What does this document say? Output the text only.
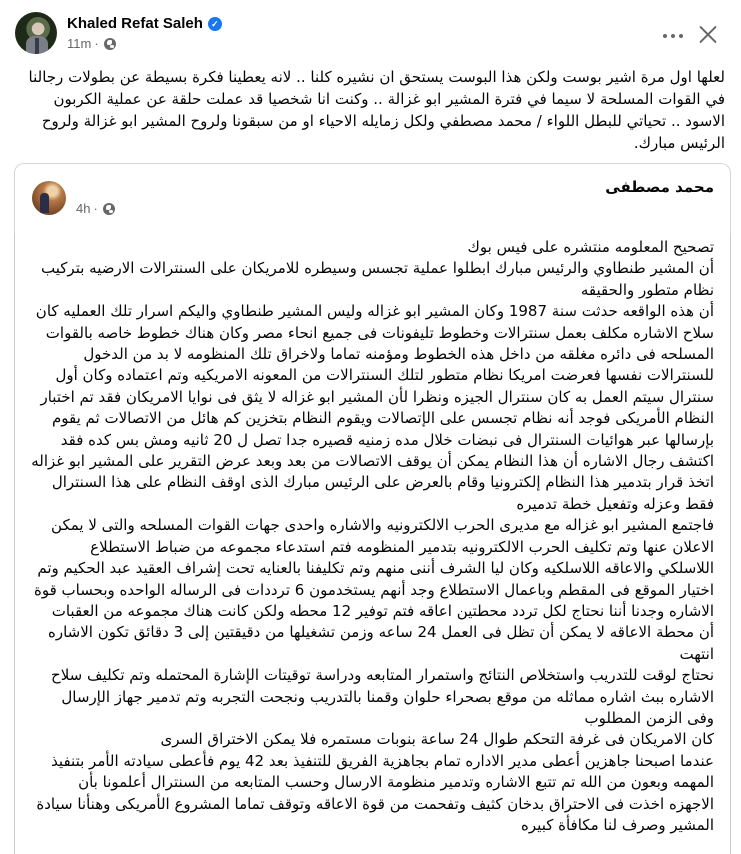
Khaled Refat Saleh ✓
11m ·
لعلها اول مرة اشير بوست ولكن هذا البوست يستحق ان نشيره كلنا .. لانه يعطينا فكرة بسيطة عن بطولات رجالنا في القوات المسلحة لا سيما في فترة المشير ابو غزالة .. وكنت انا شخصيا قد عملت حلقة عن عملية الكربون الاسود .. تحياتي للبطل اللواء / محمد مصطفي ولكل زمايله الاحياء او من سبقونا ولروح المشير ابو غزالة ولروح الرئيس مبارك.
محمد مصطفى
4h ·

تصحيح المعلومه منتشره على فيس بوك

أن المشير طنطاوي والرئيس مبارك ابطلوا عملية تجسس وسيطره للامريكان على السنترالات الارضيه بتركيب نظام متطور والحقيقه

أن هذه الواقعه حدثت سنة 1987 وكان المشير ابو غزاله وليس المشير طنطاوي واليكم اسرار تلك العمليه كان سلاح الاشاره مكلف بعمل سنترالات وخطوط تليفونات فى جميع انحاء مصر وكان هناك خطوط خاصه بالقوات المسلحه فى دائره مغلقه من داخل هذه الخطوط ومؤمنه تماما ولاخراق تلك المنظومه لا بد من الدخول للسنترالات نفسها فعرضت امريكا نظام متطور لتلك السنترالات من المعونه الامريكيه وتم اعتماده وكان أول سنترال سيتم العمل به كان سنترال الجيزه ونظرا لأن المشير ابو غزاله لا يثق فى نوايا الامريكان فقد تم اختبار النظام الأمريكى فوجد أنه نظام تجسس على الإتصالات ويقوم النظام بتخزين كم هائل من الاتصالات ثم يقوم بإرسالها عبر هوائيات السنترال فى نبضات خلال مده زمنيه قصيره جدا تصل ل 20 ثانيه ومش بس كده فقد اكتشف رجال الاشاره أن هذا النظام يمكن أن يوقف الاتصالات من بعد وبعد عرض التقرير على المشير ابو غزاله اتخذ قرار بتدمير هذا النظام إلكترونيا وقام بالعرض على الرئيس مبارك الذى اوقف النظام على هذا السنترال فقط وعزله وتفعيل خطة تدميره

فاجتمع المشير ابو غزاله مع مديرى الحرب الالكترونيه والاشاره واحدى جهات القوات المسلحه والتى لا يمكن الاعلان عنها وتم تكليف الحرب الالكترونيه بتدمير المنظومه فتم استدعاء مجموعه من ضباط الاستطلاع اللاسلكي والاعاقه اللاسلكيه وكان ليا الشرف أننى منهم وتم تكليفنا بالعنايه تحت إشراف العقيد عبد الحكيم وتم اختيار الموقع فى المقطم وباعمال الاستطلاع وجد أنهم يستخدمون 6 ترددات فى الرساله الواحده وبحساب قوة الاشاره وجدنا أننا نحتاج لكل تردد محطتين اعاقه فتم توفير 12 محطه ولكن كانت هناك مجموعه من العقبات

أن محطة الاعاقه لا يمكن أن تظل فى العمل 24 ساعه وزمن تشغيلها من دقيقتين إلى 3 دقائق تكون الاشاره انتهت

نحتاج لوقت للتدريب واستخلاص النتائج واستمرار المتابعه ودراسة توقيتات الإشارة المحتمله وتم تكليف سلاح الاشاره ببث اشاره مماثله من موقع بصحراء حلوان وقمنا بالتدريب ونجحت التجربه وتم تدمير جهاز الإرسال وفى الزمن المطلوب

كان الامريكان فى غرفة التحكم طوال 24 ساعة بنوبات مستمره فلا يمكن الاختراق السرى

عندما اصبحنا جاهزين أعطى مدير الاداره تمام بجاهزية الفريق للتنفيذ بعد 42 يوم فأعطى سيادته الأمر بتنفيذ المهمه وبعون من الله تم تتبع الاشاره وتدمير منظومة الارسال وحسب المتابعه من السنترال أعلمونا بأن الاجهزه اخذت فى الاحتراق بدخان كثيف وتفحمت من قوة الاعاقه وتوقف تماما المشروع الأمريكى وهنأنا سيادة المشير وصرف لنا مكافأة كبيره
